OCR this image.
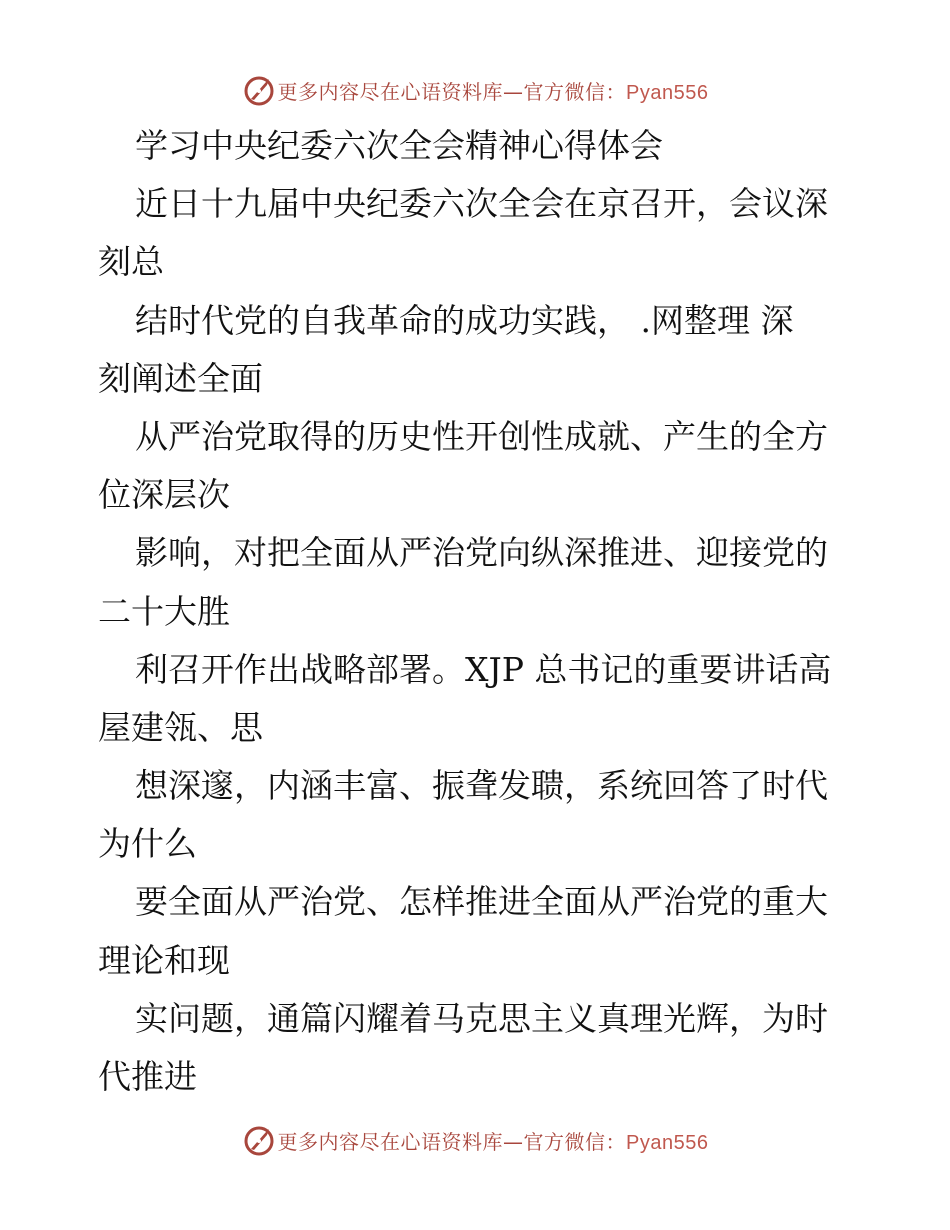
更多内容尽在心语资料库—官方微信：Pyan556
学习中央纪委六次全会精神心得体会
近日十九届中央纪委六次全会在京召开，会议深
刻总
结时代党的自我革命的成功实践， .网整理 深
刻阐述全面
从严治党取得的历史性开创性成就、产生的全方
位深层次
影响，对把全面从严治党向纵深推进、迎接党的
二十大胜
利召开作出战略部署。XJP 总书记的重要讲话高
屋建瓴、思
想深邃，内涵丰富、振聋发聩，系统回答了时代
为什么
要全面从严治党、怎样推进全面从严治党的重大
理论和现
实问题，通篇闪耀着马克思主义真理光辉，为时
代推进
更多内容尽在心语资料库—官方微信：Pyan556
